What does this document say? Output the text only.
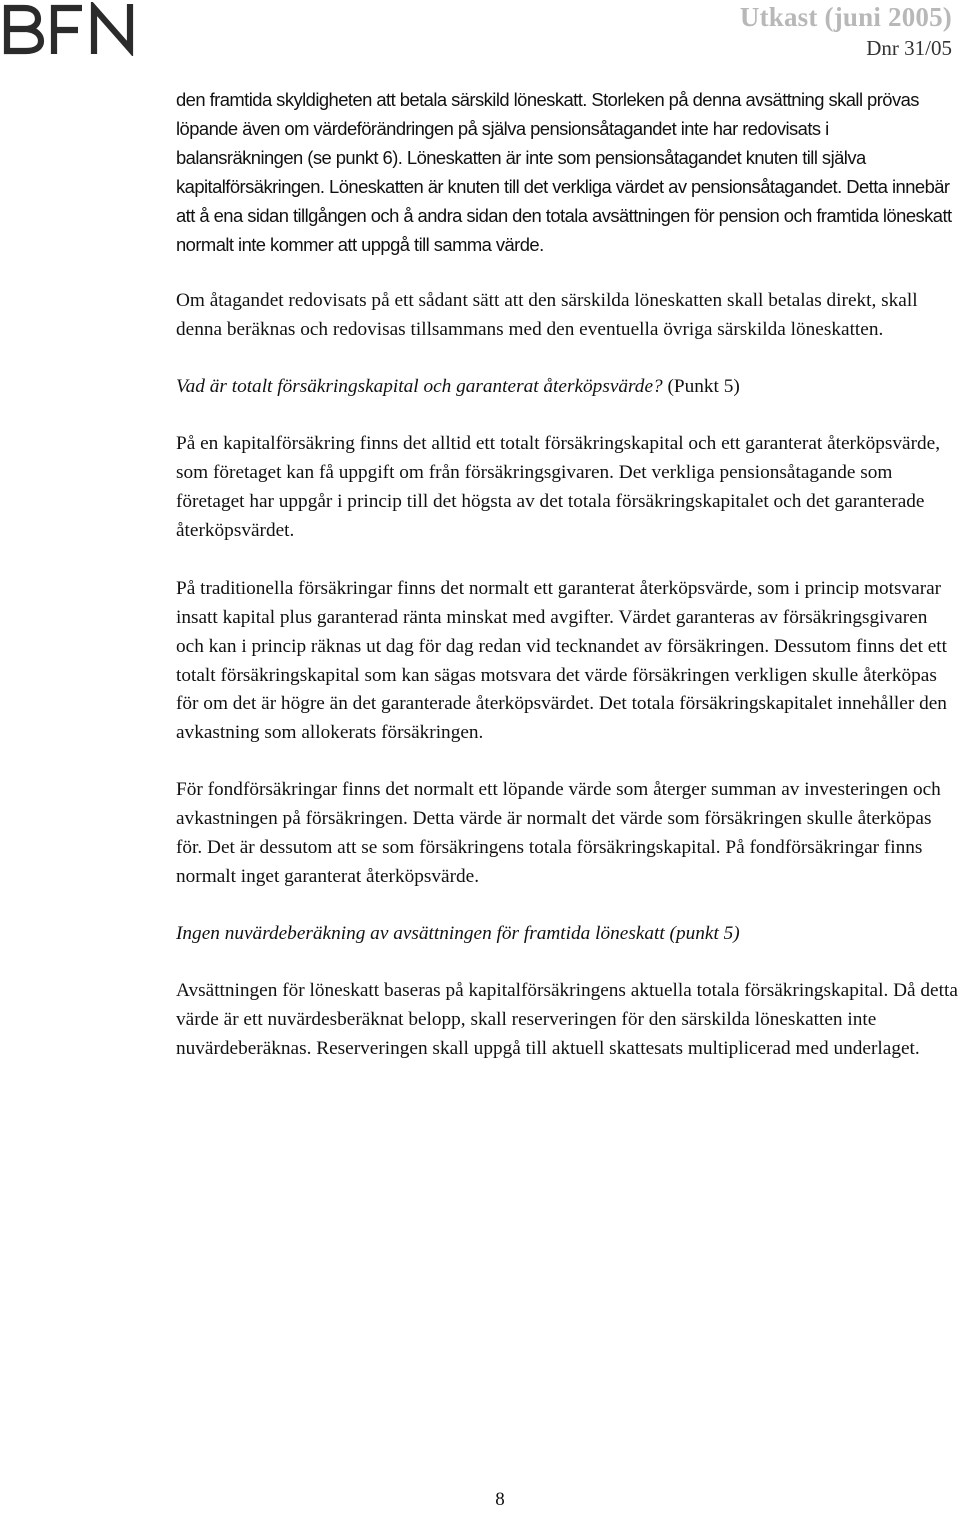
Utkast (juni 2005)
Dnr 31/05

den framtida skyldigheten att betala särskild löneskatt. Storleken på denna avsättning skall prövas löpande även om värdeförändringen på själva pensionsåtagandet inte har redovisats i balansräkningen (se punkt 6). Löneskatten är inte som pensionsåtagandet knuten till själva kapitalförsäkringen. Löneskatten är knuten till det verkliga värdet av pensionsåtagandet. Detta innebär att å ena sidan tillgången och å andra sidan den totala avsättningen för pension och framtida löneskatt normalt inte kommer att uppgå till samma värde.

Om åtagandet redovisats på ett sådant sätt att den särskilda löneskatten skall betalas direkt, skall denna beräknas och redovisas tillsammans med den eventuella övriga särskilda löneskatten.

Vad är totalt försäkringskapital och garanterat återköpsvärde? (Punkt 5)

På en kapitalförsäkring finns det alltid ett totalt försäkringskapital och ett garanterat återköpsvärde, som företaget kan få uppgift om från försäkringsgivaren. Det verkliga pensionsåtagande som företaget har uppgår i princip till det högsta av det totala försäkringskapitalet och det garanterade återköpsvärdet.

På traditionella försäkringar finns det normalt ett garanterat återköpsvärde, som i princip motsvarar insatt kapital plus garanterad ränta minskat med avgifter. Värdet garanteras av försäkringsgivaren och kan i princip räknas ut dag för dag redan vid tecknandet av försäkringen. Dessutom finns det ett totalt försäkringskapital som kan sägas motsvara det värde försäkringen verkligen skulle återköpas för om det är högre än det garanterade återköpsvärdet. Det totala försäkringskapitalet innehåller den avkastning som allokerats försäkringen.

För fondförsäkringar finns det normalt ett löpande värde som återger summan av investeringen och avkastningen på försäkringen. Detta värde är normalt det värde som försäkringen skulle återköpas för. Det är dessutom att se som försäkringens totala försäkringskapital. På fondförsäkringar finns normalt inget garanterat återköpsvärde.

Ingen nuvärdeberäkning av avsättningen för framtida löneskatt (punkt 5)

Avsättningen för löneskatt baseras på kapitalförsäkringens aktuella totala försäkringskapital. Då detta värde är ett nuvärdesberäknat belopp, skall reserveringen för den särskilda löneskatten inte nuvärdeberäknas. Reserveringen skall uppgå till aktuell skattesats multiplicerad med underlaget.

8
